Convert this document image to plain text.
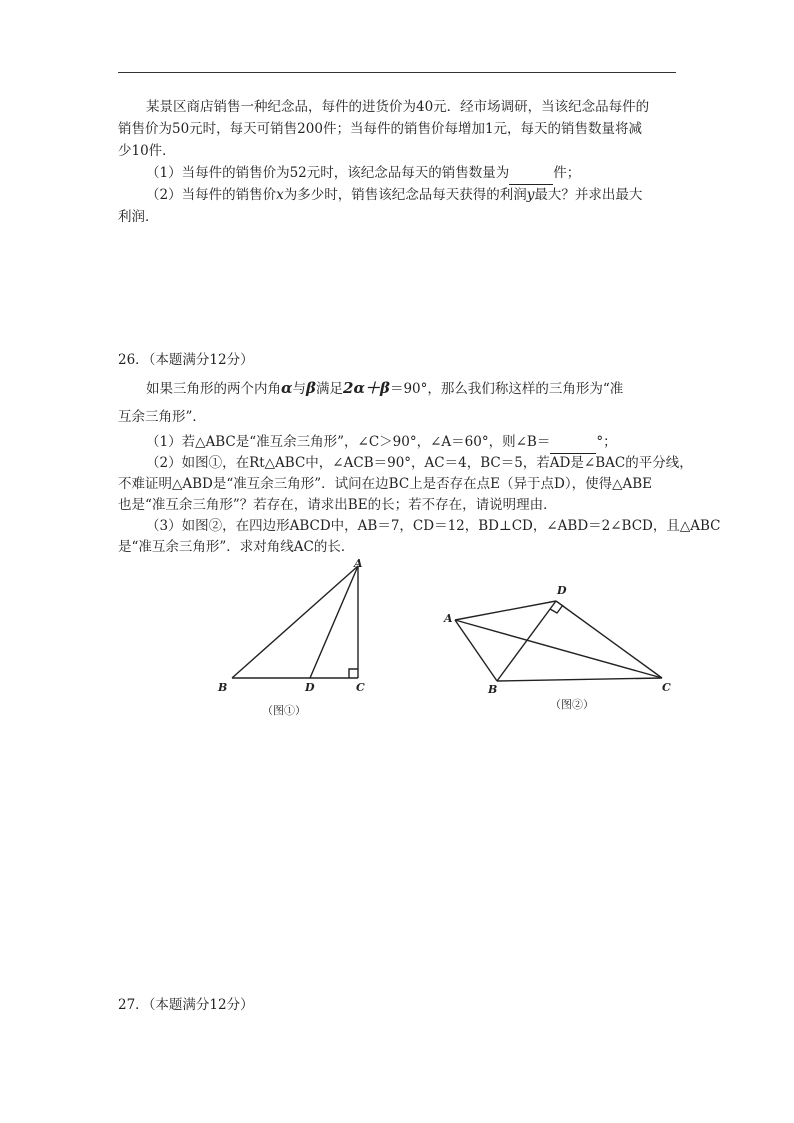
某景区商店销售一种纪念品，每件的进货价为40元．经市场调研，当该纪念品每件的
销售价为50元时，每天可销售200件；当每件的销售价每增加1元，每天的销售数量将减
少10件．
（1）当每件的销售价为52元时，该纪念品每天的销售数量为	件；
（2）当每件的销售价x为多少时，销售该纪念品每天获得的利润y最大？并求出最大
利润．
26．（本题满分12分）
如果三角形的两个内角α与β满足2α＋β＝90°，那么我们称这样的三角形为“准
互余三角形”．
（1）若△ABC是“准互余三角形”，∠C＞90°，∠A＝60°，则∠B＝	°；
（2）如图①，在Rt△ABC中，∠ACB＝90°，AC＝4，BC＝5，若AD是∠BAC的平分线，
不难证明△ABD是“准互余三角形”．试问在边BC上是否存在点E（异于点D），使得△ABE
也是“准互余三角形”？若存在，请求出BE的长；若不存在，请说明理由．
（3）如图②，在四边形ABCD中，AB＝7，CD＝12，BD⊥CD，∠ABD＝2∠BCD，且△ABC
是“准互余三角形”．求对角线AC的长．
A
B	D	C
（图①）
D
A
B	C
（图②）
27．（本题满分12分）
